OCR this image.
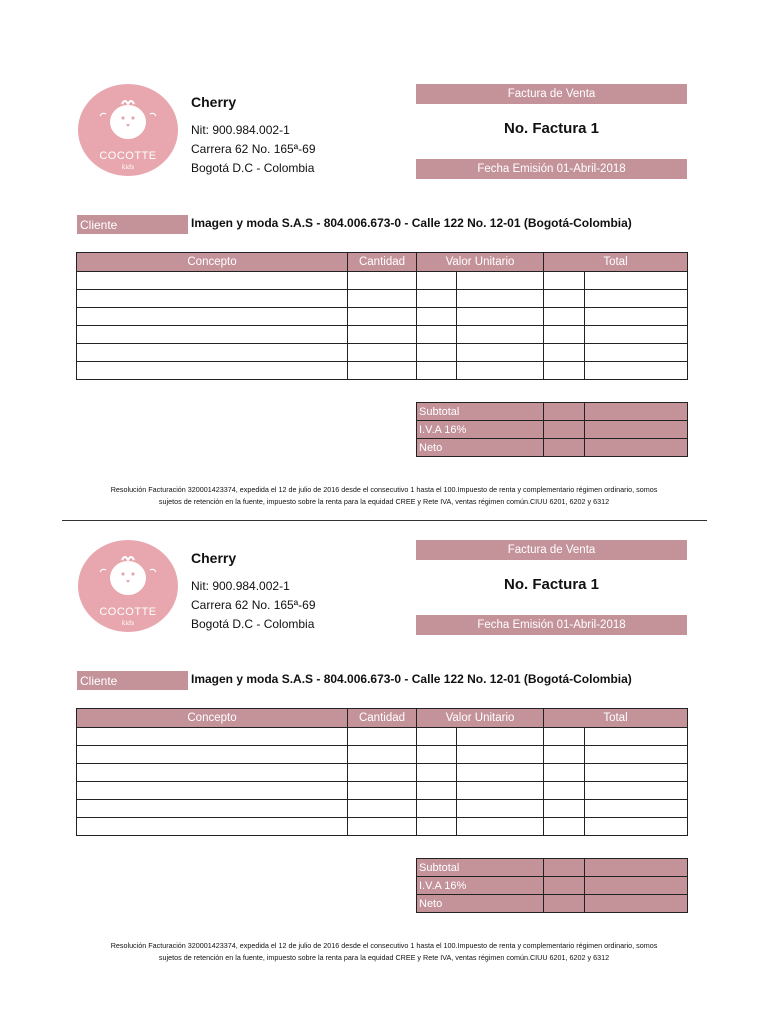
COCOTTE
kids
Cherry
Nit: 900.984.002-1
Carrera 62 No. 165ª-69
Bogotá D.C - Colombia
Factura de Venta
No. Factura 1
Fecha Emisión 01-Abril-2018
Cliente	Imagen y moda S.A.S - 804.006.673-0 - Calle 122 No. 12-01 (Bogotá-Colombia)
Concepto	Cantidad	Valor Unitario		Total	

Subtotal		
I.V.A 16%		
Neto		
Resolución Facturación 320001423374, expedida el 12 de julio de 2016 desde el consecutivo 1 hasta el 100.Impuesto de renta y complementario régimen ordinario, somos
sujetos de retención en la fuente, impuesto sobre la renta para la equidad CREE y Rete IVA, ventas régimen común.CIUU 6201, 6202 y 6312
COCOTTE
kids
Cherry
Nit: 900.984.002-1
Carrera 62 No. 165ª-69
Bogotá D.C - Colombia
Factura de Venta
No. Factura 1
Fecha Emisión 01-Abril-2018
Cliente	Imagen y moda S.A.S - 804.006.673-0 - Calle 122 No. 12-01 (Bogotá-Colombia)
Concepto	Cantidad	Valor Unitario		Total	

Subtotal		
I.V.A 16%		
Neto		
Resolución Facturación 320001423374, expedida el 12 de julio de 2016 desde el consecutivo 1 hasta el 100.Impuesto de renta y complementario régimen ordinario, somos
sujetos de retención en la fuente, impuesto sobre la renta para la equidad CREE y Rete IVA, ventas régimen común.CIUU 6201, 6202 y 6312
